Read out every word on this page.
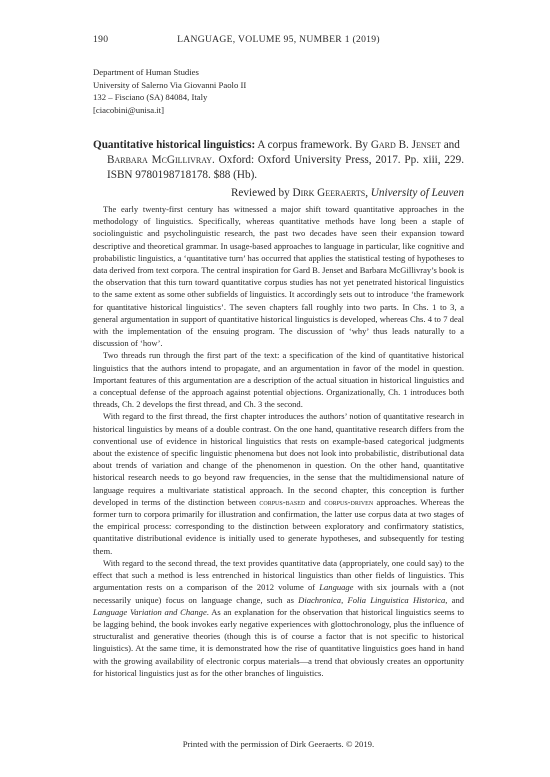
190	LANGUAGE, VOLUME 95, NUMBER 1 (2019)
Department of Human Studies
University of Salerno Via Giovanni Paolo II
132 – Fisciano (SA) 84084, Italy
[ciacobini@unisa.it]
Quantitative historical linguistics: A corpus framework. By Gard B. Jenset and
Barbara McGillivray. Oxford: Oxford University Press, 2017. Pp. xiii, 229. ISBN 9780198718178. $88 (Hb).
Reviewed by Dirk Geeraerts, University of Leuven

The early twenty-first century has witnessed a major shift toward quantitative approaches in the methodology of linguistics. Specifically, whereas quantitative methods have long been a staple of sociolinguistic and psycholinguistic research, the past two decades have seen their expansion toward descriptive and theoretical grammar. In usage-based approaches to language in particular, like cognitive and probabilistic linguistics, a ‘quantitative turn’ has occurred that applies the statistical testing of hypotheses to data derived from text corpora. The central inspiration for Gard B. Jenset and Barbara McGillivray’s book is the observation that this turn toward quantitative corpus studies has not yet penetrated historical linguistics to the same extent as some other subfields of linguistics. It accordingly sets out to introduce ‘the framework for quantitative historical linguistics’. The seven chapters fall roughly into two parts. In Chs. 1 to 3, a general argumentation in support of quantitative historical linguistics is developed, whereas Chs. 4 to 7 deal with the implementation of the ensuing program. The discussion of ‘why’ thus leads naturally to a discussion of ‘how’.

Two threads run through the first part of the text: a specification of the kind of quantitative historical linguistics that the authors intend to propagate, and an argumentation in favor of the model in question. Important features of this argumentation are a description of the actual situation in historical linguistics and a conceptual defense of the approach against potential objections. Organizationally, Ch. 1 introduces both threads, Ch. 2 develops the first thread, and Ch. 3 the second.

With regard to the first thread, the first chapter introduces the authors’ notion of quantitative research in historical linguistics by means of a double contrast. On the one hand, quantitative research differs from the conventional use of evidence in historical linguistics that rests on example-based categorical judgments about the existence of specific linguistic phenomena but does not look into probabilistic, distributional data about trends of variation and change of the phenomenon in question. On the other hand, quantitative historical research needs to go beyond raw frequencies, in the sense that the multidimensional nature of language requires a multivariate statistical approach. In the second chapter, this conception is further developed in terms of the distinction between corpus-based and corpus-driven approaches. Whereas the former turn to corpora primarily for illustration and confirmation, the latter use corpus data at two stages of the empirical process: corresponding to the distinction between exploratory and confirmatory statistics, quantitative distributional evidence is initially used to generate hypotheses, and subsequently for testing them.

With regard to the second thread, the text provides quantitative data (appropriately, one could say) to the effect that such a method is less entrenched in historical linguistics than other fields of linguistics. This argumentation rests on a comparison of the 2012 volume of Language with six journals with a (not necessarily unique) focus on language change, such as Diachronica, Folia Linguistica Historica, and Language Variation and Change. As an explanation for the observation that historical linguistics seems to be lagging behind, the book invokes early negative experiences with glottochronology, plus the influence of structuralist and generative theories (though this is of course a factor that is not specific to historical linguistics). At the same time, it is demonstrated how the rise of quantitative linguistics goes hand in hand with the growing availability of electronic corpus materials—a trend that obviously creates an opportunity for historical linguistics just as for the other branches of linguistics.

Printed with the permission of Dirk Geeraerts. © 2019.
